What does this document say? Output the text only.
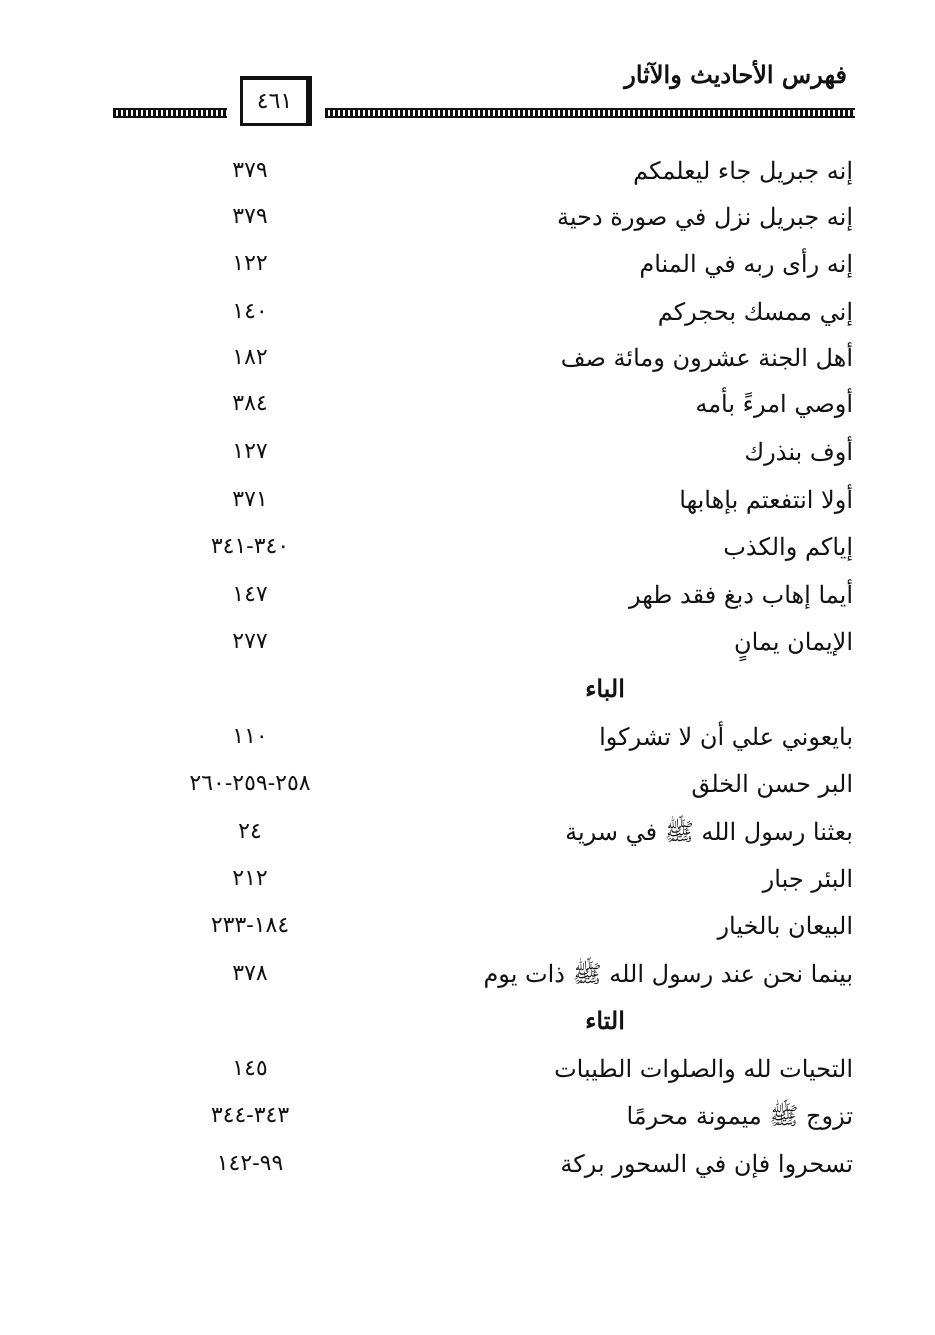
فهرس الأحاديث والآثار
٤٦١
إنه جبريل جاء ليعلمكم
٣٧٩
إنه جبريل نزل في صورة دحية
٣٧٩
إنه رأى ربه في المنام
١٢٢
إني ممسك بحجركم
١٤٠
أهل الجنة عشرون ومائة صف
١٨٢
أوصي امرءً بأمه
٣٨٤
أوف بنذرك
١٢٧
أولا انتفعتم بإهابها
٣٧١
إياكم والكذب
٣٤٠-٣٤١
أيما إهاب دبغ فقد طهر
١٤٧
الإيمان يمانٍ
٢٧٧
الباء
بايعوني علي أن لا تشركوا
١١٠
البر حسن الخلق
٢٥٨-٢٥٩-٢٦٠
بعثنا رسول الله ﷺ في سرية
٢٤
البئر جبار
٢١٢
البيعان بالخيار
١٨٤-٢٣٣
بينما نحن عند رسول الله ﷺ ذات يوم
٣٧٨
التاء
التحيات لله والصلوات الطيبات
١٤٥
تزوج ﷺ ميمونة محرمًا
٣٤٣-٣٤٤
تسحروا فإن في السحور بركة
٩٩-١٤٢
